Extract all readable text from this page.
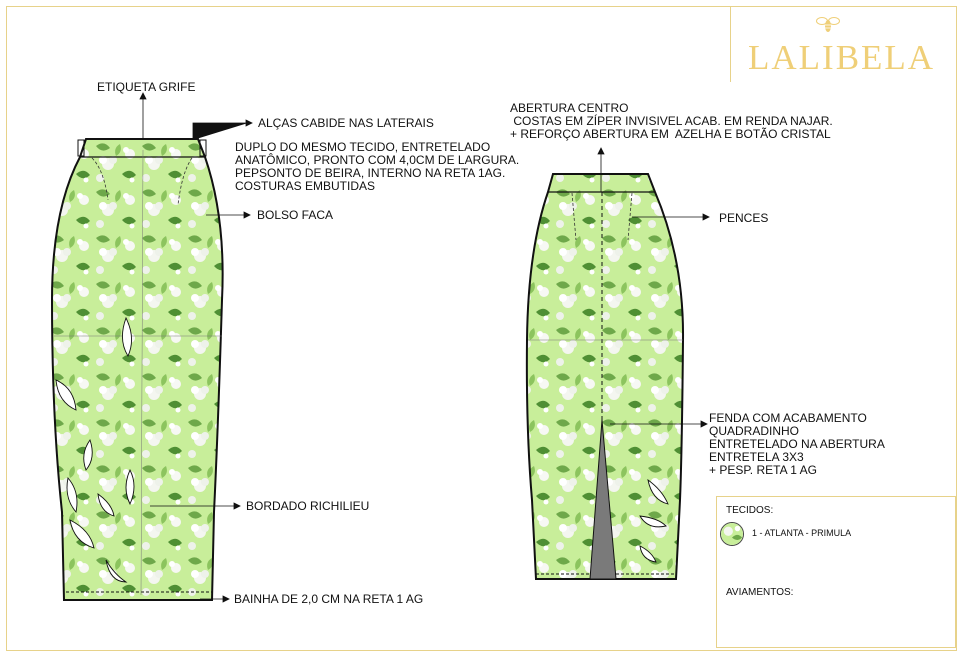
LALIBELA
ETIQUETA GRIFE
ALÇAS CABIDE NAS LATERAIS
DUPLO DO MESMO TECIDO, ENTRETELADO
ANATÔMICO, PRONTO COM 4,0CM DE LARGURA.
PEPSONTO DE BEIRA, INTERNO NA RETA 1AG.
COSTURAS EMBUTIDAS
BOLSO FACA
BORDADO RICHILIEU
BAINHA DE 2,0 CM NA RETA 1 AG
ABERTURA CENTRO
COSTAS EM ZÍPER INVISIVEL ACAB. EM RENDA NAJAR.
+ REFORÇO ABERTURA EM  AZELHA E BOTÃO CRISTAL
PENCES
FENDA COM ACABAMENTO
QUADRADINHO
ENTRETELADO NA ABERTURA
ENTRETELA 3X3
+ PESP. RETA 1 AG
TECIDOS:
1 - ATLANTA - PRIMULA
AVIAMENTOS:
